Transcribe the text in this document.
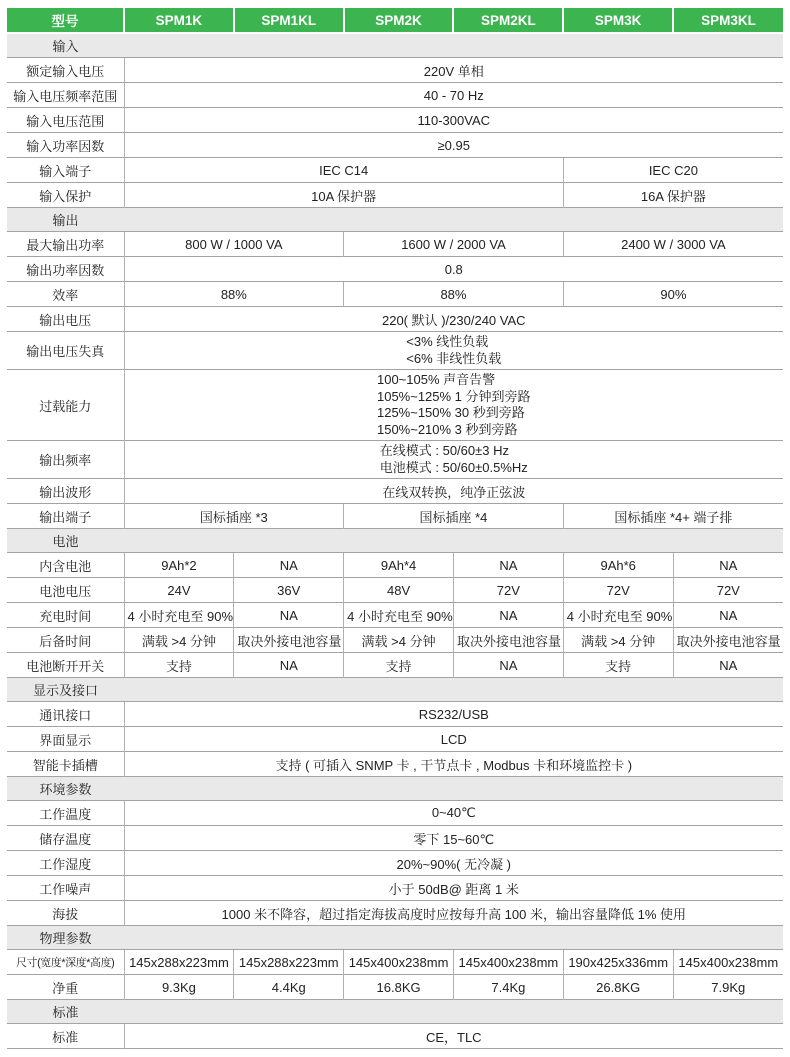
型号	SPM1K	SPM1KL	SPM2K	SPM2KL	SPM3K	SPM3KL

输入						

额定输入电压	220V 单相					
输入电压频率范围	40 - 70 Hz					
输入电压范围	110-300VAC					
输入功率因数	≥0.95					
输入端子	IEC C14				IEC C20	
输入保护	10A 保护器				16A 保护器	

输出						

最大输出功率	800 W / 1000 VA		1600 W / 2000 VA		2400 W / 3000 VA	
输出功率因数	0.8					
效率	88%		88%		90%	
输出电压	220( 默认 )/230/240 VAC					
输出电压失真	<3% 线性负载
<6% 非线性负载					

过载能力	100~105% 声音告警
105%~125% 1 分钟到旁路
125%~150% 30 秒到旁路
150%~210% 3 秒到旁路					

输出频率	在线模式 : 50/60±3 Hz
电池模式 : 50/60±0.5%Hz					

输出波形	在线双转换，纯净正弦波					
输出端子	国标插座 *3		国标插座 *4		国标插座 *4+ 端子排	

电池						

内含电池	9Ah*2	NA	9Ah*4	NA	9Ah*6	NA
电池电压	24V	36V	48V	72V	72V	72V
充电时间	4 小时充电至 90%	NA	4 小时充电至 90%	NA	4 小时充电至 90%	NA
后备时间	满载 >4 分钟	取决外接电池容量	满载 >4 分钟	取决外接电池容量	满载 >4 分钟	取决外接电池容量
电池断开开关	支持	NA	支持	NA	支持	NA

显示及接口						

通讯接口	RS232/USB					
界面显示	LCD					
智能卡插槽	支持 ( 可插入 SNMP 卡 , 干节点卡 , Modbus 卡和环境监控卡 )					

环境参数						

工作温度	0~40℃					
储存温度	零下 15~60℃					
工作湿度	20%~90%( 无冷凝 )					
工作噪声	小于 50dB@ 距离 1 米					
海拔	1000 米不降容，超过指定海拔高度时应按每升高 100 米，输出容量降低 1% 使用					

物理参数						

尺寸(宽度*深度*高度)	145x288x223mm	145x288x223mm	145x400x238mm	145x400x238mm	190x425x336mm	145x400x238mm
净重	9.3Kg	4.4Kg	16.8KG	7.4Kg	26.8KG	7.9Kg

标准						

标准	CE，TLC					
